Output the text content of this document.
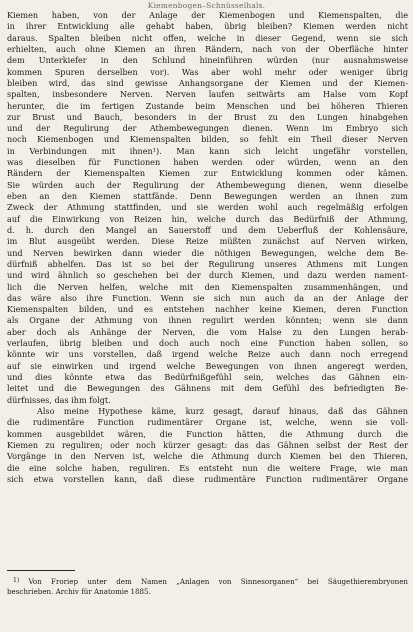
Kiemenbogen–Schnüsselhals.
Kiemen haben, von der Anlage der Kiemenbogen und Kiemenspalten, die
in ihrer Entwicklung alle gehabt haben, übrig bleiben? Kiemen werden nicht
daraus. Spalten bleiben nicht offen, welche in dieser Gegend, wenn sie sich
erhielten, auch ohne Kiemen an ihren Rändern, nach von der Oberfläche hinter
dem Unterkiefer in den Schlund hineinführen würden (nur ausnahmsweise
kommen Spuren derselben vor). Was aber wohl mehr oder weniger übrig
bleiben wird, das sind gewisse Anhangsorgane der Kiemen und der Kiemen-
spalten, insbesondere Nerven. Nerven laufen seitwärts am Halse vom Kopf
herunter, die im fertigen Zustande beim Menschen und bei höheren Thieren
zur Brust und Bauch, besonders in der Brust zu den Lungen hinabgehen
und der Regulirung der Athembewegungen dienen. Wenn im Embryo sich
noch Kiemenbogen und Kiemenspalten bilden, so fehlt ein Theil dieser Nerven
in Verbindungen mit ihnen¹). Man kann sich leicht ungefähr vorstellen,
was dieselben für Functionen haben werden oder würden, wenn an den
Rändern der Kiemenspalten Kiemen zur Entwicklung kommen oder kämen.
Sie würden auch der Regulirung der Athembewegung dienen, wenn dieselbe
eben an den Kiemen stattfände. Denn Bewegungen werden an ihnen zum
Zweck der Athmung stattfinden, und sie werden wohl auch regelmäßig erfolgen
auf die Einwirkung von Reizen hin, welche durch das Bedürfniß der Athmung,
d. h. durch den Mangel an Sauerstoff und dem Ueberfluß der Kohlensäure,
im Blut ausgeübt werden. Diese Reize müßten zunächst auf Nerven wirken,
und Nerven bewirken dann wieder die nöthigen Bewegungen, welche dem Be-
dürfniß abhelfen. Das ist so bei der Regulirung unseres Athmens mit Lungen
und wird ähnlich so geschehen bei der durch Kiemen, und dazu werden nament-
lich die Nerven helfen, welche mit den Kiemenspalten zusammenhängen, und
das wäre also ihre Function. Wenn sie sich nun auch da an der Anlage der
Kiemenspalten bilden, und es entstehen nachher keine Kiemen, deren Function
als Organe der Athmung von ihnen regulirt werden könnten; wenn sie dann
aber doch als Anhänge der Nerven, die vom Halse zu den Lungen herab-
verlaufen, übrig bleiben und doch auch noch eine Function haben sollen, so
könnte wir uns vorstellen, daß irgend welche Reize auch dann noch erregend
auf sie einwirken und irgend welche Bewegungen von ihnen angeregt werden,
und dies könnte etwa das Bedürfnißgefühl sein, welches das Gähnen ein-
leitet und die Bewegungen des Gähnens mit dem Gefühl des befriedigten Be-
dürfnisses, das ihm folgt.
Also meine Hypothese käme, kurz gesagt, darauf hinaus, daß das Gähnen
die rudimentäre Function rudimentärer Organe ist, welche, wenn sie voll-
kommen ausgebildet wären, die Function hätten, die Athmung durch die
Kiemen zu reguliren; oder noch kürzer gesagt: das das Gähnen selbst der Rest der
Vorgänge in den Nerven ist, welche die Athmung durch Kiemen bei den Thieren,
die eine solche haben, reguliren. Es entsteht nun die weitere Frage, wie man
sich etwa vorstellen kann, daß diese rudimentäre Function rudimentärer Organe
$^{1)}$ Von Froriep unter dem Namen „Anlagen von Sinnesorganen“ bei Säugethierembryonen
beschrieben. Archiv für Anatomie 1885.
